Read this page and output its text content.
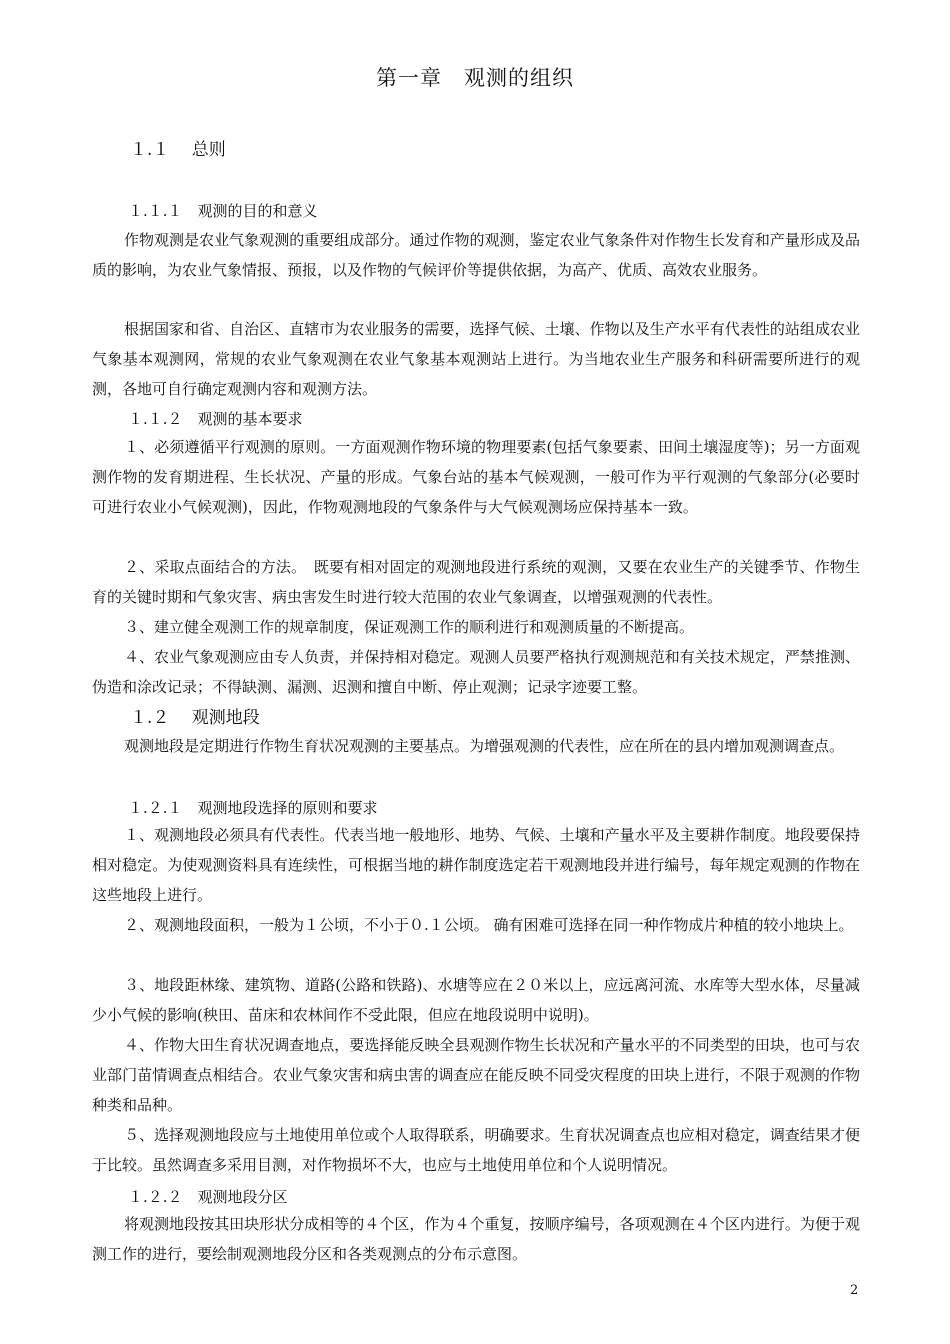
第一章　观测的组织
１.１　 总则
１.１.１　观测的目的和意义

作物观测是农业气象观测的重要组成部分。通过作物的观测，鉴定农业气象条件对作物生长发育和产量形成及品质的影响，为农业气象情报、预报，以及作物的气候评价等提供依据，为高产、优质、高效农业服务。

根据国家和省、自治区、直辖市为农业服务的需要，选择气候、土壤、作物以及生产水平有代表性的站组成农业气象基本观测网，常规的农业气象观测在农业气象基本观测站上进行。为当地农业生产服务和科研需要所进行的观测，各地可自行确定观测内容和观测方法。

１.１.２　观测的基本要求

１、必须遵循平行观测的原则。一方面观测作物环境的物理要素(包括气象要素、田间土壤湿度等)；另一方面观测作物的发育期进程、生长状况、产量的形成。气象台站的基本气候观测，一般可作为平行观测的气象部分(必要时可进行农业小气候观测)，因此，作物观测地段的气象条件与大气候观测场应保持基本一致。

２、采取点面结合的方法。　既要有相对固定的观测地段进行系统的观测，又要在农业生产的关键季节、作物生育的关键时期和气象灾害、病虫害发生时进行较大范围的农业气象调查，以增强观测的代表性。

３、建立健全观测工作的规章制度，保证观测工作的顺利进行和观测质量的不断提高。

４、农业气象观测应由专人负责，并保持相对稳定。观测人员要严格执行观测规范和有关技术规定，严禁推测、伪造和涂改记录；不得缺测、漏测、迟测和擅自中断、停止观测；记录字迹要工整。

１.２　 观测地段

观测地段是定期进行作物生育状况观测的主要基点。为增强观测的代表性，应在所在的县内增加观测调查点。

１.２.１　观测地段选择的原则和要求

１、观测地段必须具有代表性。代表当地一般地形、地势、气候、土壤和产量水平及主要耕作制度。地段要保持相对稳定。为使观测资料具有连续性，可根据当地的耕作制度选定若干观测地段并进行编号，每年规定观测的作物在这些地段上进行。

２、观测地段面积，一般为１公顷，不小于０.１公顷。 确有困难可选择在同一种作物成片种植的较小地块上。

３、地段距林缘、建筑物、道路(公路和铁路)、水塘等应在２０米以上，应远离河流、水库等大型水体，尽量减少小气候的影响(秧田、苗床和农林间作不受此限，但应在地段说明中说明)。

４、作物大田生育状况调查地点，要选择能反映全县观测作物生长状况和产量水平的不同类型的田块，也可与农业部门苗情调查点相结合。农业气象灾害和病虫害的调查应在能反映不同受灾程度的田块上进行，不限于观测的作物种类和品种。

５、选择观测地段应与土地使用单位或个人取得联系，明确要求。生育状况调查点也应相对稳定，调查结果才便于比较。虽然调查多采用目测，对作物损坏不大，也应与土地使用单位和个人说明情况。

１.２.２　观测地段分区

将观测地段按其田块形状分成相等的４个区，作为４个重复，按顺序编号，各项观测在４个区内进行。为便于观测工作的进行，要绘制观测地段分区和各类观测点的分布示意图。

2
